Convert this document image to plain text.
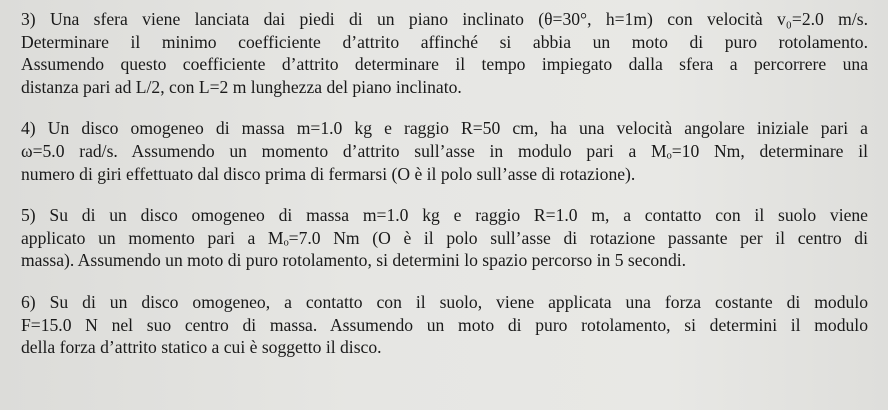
3) Una sfera viene lanciata dai piedi di un piano inclinato (θ=30°, h=1m) con velocità v₀=2.0 m/s.
Determinare il minimo coefficiente d’attrito affinché si abbia un moto di puro rotolamento.
Assumendo questo coefficiente d’attrito determinare il tempo impiegato dalla sfera a percorrere una
distanza pari ad L/2, con L=2 m lunghezza del piano inclinato.

4) Un disco omogeneo di massa m=1.0 kg e raggio R=50 cm, ha una velocità angolare iniziale pari a
ω=5.0 rad/s. Assumendo un momento d’attrito sull’asse in modulo pari a Mₒ=10 Nm, determinare il
numero di giri effettuato dal disco prima di fermarsi (O è il polo sull’asse di rotazione).

5) Su di un disco omogeneo di massa m=1.0 kg e raggio R=1.0 m, a contatto con il suolo viene
applicato un momento pari a Mₒ=7.0 Nm (O è il polo sull’asse di rotazione passante per il centro di
massa). Assumendo un moto di puro rotolamento, si determini lo spazio percorso in 5 secondi.

6) Su di un disco omogeneo, a contatto con il suolo, viene applicata una forza costante di modulo
F=15.0 N nel suo centro di massa. Assumendo un moto di puro rotolamento, si determini il modulo
della forza d’attrito statico a cui è soggetto il disco.
